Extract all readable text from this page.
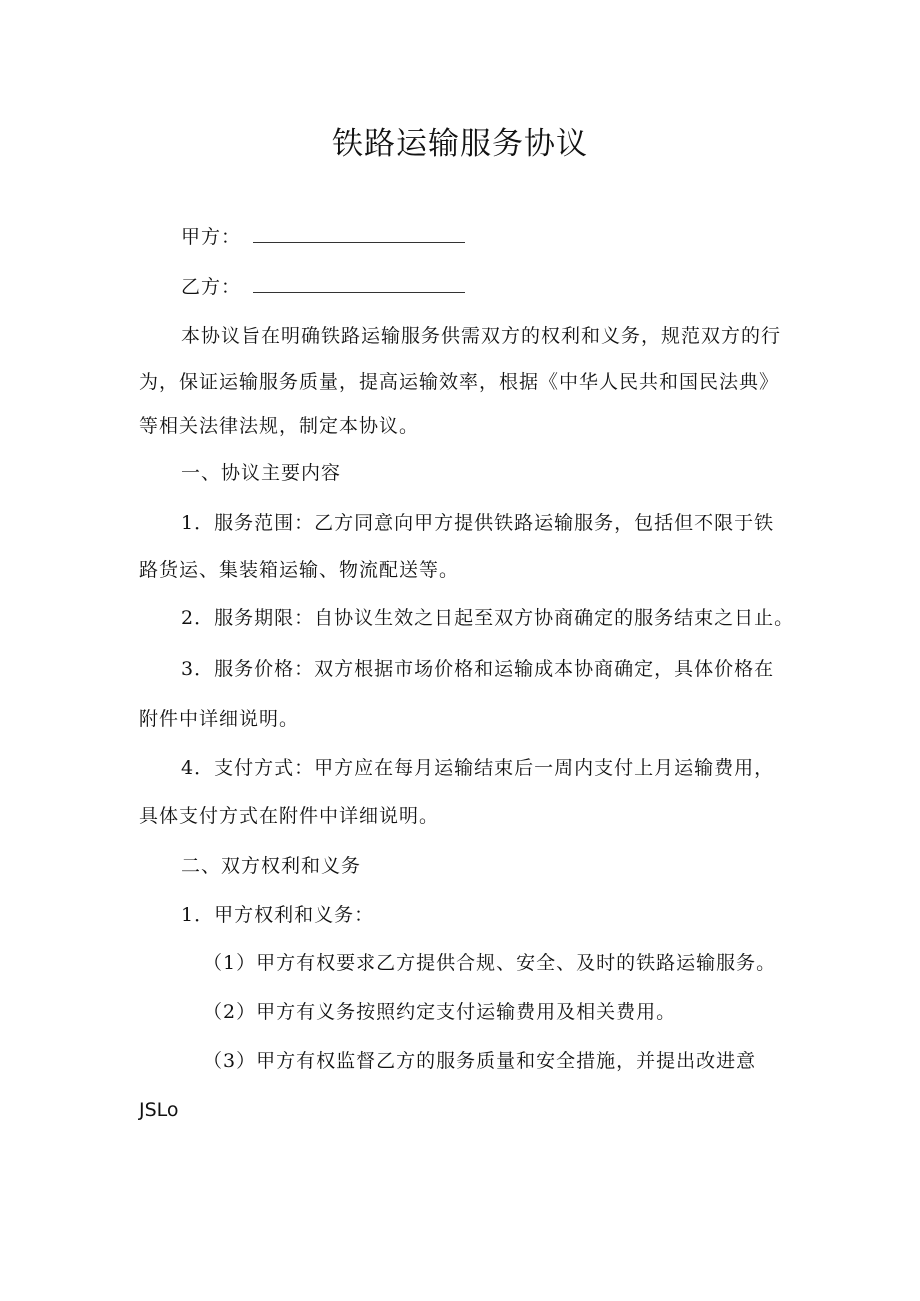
铁路运输服务协议
甲方：
乙方：
本协议旨在明确铁路运输服务供需双方的权利和义务，规范双方的行
为，保证运输服务质量，提高运输效率，根据《中华人民共和国民法典》
等相关法律法规，制定本协议。
一、协议主要内容
1．服务范围：乙方同意向甲方提供铁路运输服务，包括但不限于铁
路货运、集装箱运输、物流配送等。
2．服务期限：自协议生效之日起至双方协商确定的服务结束之日止。
3．服务价格：双方根据市场价格和运输成本协商确定，具体价格在
附件中详细说明。
4．支付方式：甲方应在每月运输结束后一周内支付上月运输费用，
具体支付方式在附件中详细说明。
二、双方权利和义务
1．甲方权利和义务：
（1）甲方有权要求乙方提供合规、安全、及时的铁路运输服务。
（2）甲方有义务按照约定支付运输费用及相关费用。
（3）甲方有权监督乙方的服务质量和安全措施，并提出改进意
JSLo
